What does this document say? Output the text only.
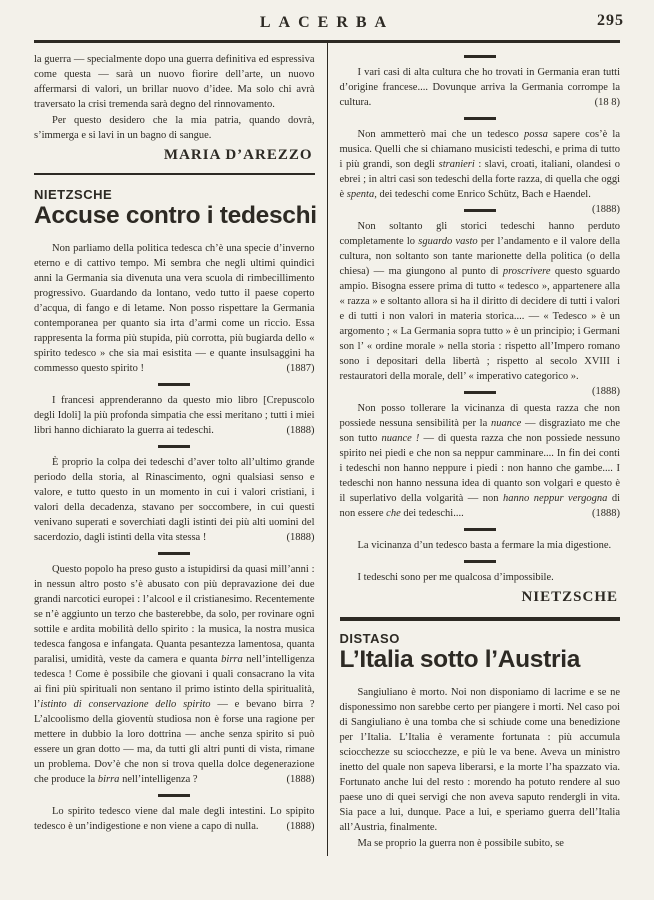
LACERBA	295

la guerra — specialmente dopo una guerra definitiva ed espressiva come questa — sarà un nuovo fiorire dell’arte, un nuovo affermarsi di valori, un brillar nuovo d’idee. Ma solo chi avrà traversato la crisi tremenda sarà degno del rinnovamento.

Per questo desidero che la mia patria, quando dovrà, s’immerga e si lavi in un bagno di sangue.

MARIA D’AREZZO
NIETZSCHE
Accuse contro i tedeschi

Non parliamo della politica tedesca ch’è una specie d’inverno eterno e di cattivo tempo. Mi sembra che negli ultimi quindici anni la Germania sia divenuta una vera scuola di rimbecillimento progressivo. Guardando da lontano, vedo tutto il paese coperto d’acqua, di fango e di letame. Non posso rispettare la Germania contemporanea per quanto sia irta d’armi come un riccio. Essa rappresenta la forma più stupida, più corrotta, più bugiarda dello « spirito tedesco » che sia mai esistita — e quante insulsaggini ha commesso questo spirito !	(1887)

I francesi apprenderanno da questo mio libro [Crepuscolo degli Idoli] la più profonda simpatia che essi meritano ; tutti i miei libri hanno dichiarato la guerra ai tedeschi.	(1888)

È proprio la colpa dei tedeschi d’aver tolto all’ultimo grande periodo della storia, al Rinascimento, ogni qualsiasi senso e valore, e tutto questo in un momento in cui i valori cristiani, i valori della decadenza, stavano per soccombere, in cui questi venivano superati e soverchiati dagli istinti dei più alti uomini del sacerdozio, dagli istinti della vita stessa !	(1888)

Questo popolo ha preso gusto a istupidirsi da quasi mill’anni : in nessun altro posto s’è abusato con più depravazione dei due grandi narcotici europei : l’alcool e il cristianesimo. Recentemente se n’è aggiunto un terzo che basterebbe, da solo, per rovinare ogni sottile e ardita mobilità dello spirito : la musica, la nostra musica tedesca fangosa e infangata. Quanta pesantezza lamentosa, quanta paralisi, umidità, veste da camera e quanta birra nell’intelligenza tedesca ! Come è possibile che giovani i quali consacrano la vita ai fini più spirituali non sentano il primo istinto della spiritualità, l’istinto di conservazione dello spirito — e bevano birra ? L’alcoolismo della gioventù studiosa non è forse una ragione per mettere in dubbio la loro dottrina — anche senza spirito si può essere un gran dotto — ma, da tutti gli altri punti di vista, rimane un problema. Dov’è che non si trova quella dolce degenerazione che produce la birra nell’intelligenza ?	(1888)

Lo spirito tedesco viene dal male degli intestini. Lo spipito tedesco è un’indigestione e non viene a capo di nulla.	(1888)

I vari casi di alta cultura che ho trovati in Germania eran tutti d’origine francese.... Dovunque arriva la Germania corrompe la cultura.	(18 8)

Non ammetterò mai che un tedesco possa sapere cos’è la musica. Quelli che si chiamano musicisti tedeschi, e prima di tutto i più grandi, son degli stranieri : slavi, croati, italiani, olandesi o ebrei ; in altri casi son tedeschi della forte razza, di quella che oggi è spenta, dei tedeschi come Enrico Schütz, Bach e Haendel.
(1888)

Non soltanto gli storici tedeschi hanno perduto completamente lo sguardo vasto per l’andamento e il valore della cultura, non soltanto son tante marionette della politica (o della chiesa) — ma giungono al punto di proscrivere questo sguardo ampio. Bisogna essere prima di tutto « tedesco », appartenere alla « razza » e soltanto allora si ha il diritto di decidere di tutti i valori e di tutti i non valori in materia storica.... — « Tedesco » è un argomento ; « La Germania sopra tutto » è un principio; i Germani son l’ « ordine morale » nella storia : rispetto all’Impero romano sono i depositari della libertà ; rispetto al secolo XVIII i restauratori della morale, dell’ « imperativo categorico ».
(1888)

Non posso tollerare la vicinanza di questa razza che non possiede nessuna sensibilità per la nuance — disgraziato me che son tutto nuance ! — di questa razza che non possiede nessuno spirito nei piedi e che non sa neppur camminare.... In fin dei conti i tedeschi non hanno neppure i piedi : non hanno che gambe.... I tedeschi non hanno nessuna idea di quanto son volgari e questo è il superlativo della volgarità — non hanno neppur vergogna di non essere che dei tedeschi....	(1888)

La vicinanza d’un tedesco basta a fermare la mia digestione.

I tedeschi sono per me qualcosa d’impossibile.

NIETZSCHE
DISTASO
L’Italia sotto l’Austria

Sangiuliano è morto. Noi non disponiamo di lacrime e se ne disponessimo non sarebbe certo per piangere i morti. Nel caso poi di Sangiuliano è una tomba che si schiude come una benedizione per l’Italia. L’Italia è veramente fortunata : più accumula sciocchezze su sciocchezze, e più le va bene. Aveva un ministro inetto del quale non sapeva liberarsi, e la morte l’ha spazzato via. Fortunato anche lui del resto : morendo ha potuto rendere al suo paese uno di quei servigi che non aveva saputo rendergli in vita. Sia pace a lui, dunque. Pace a lui, e speriamo guerra dell’Italia all’Austria, finalmente.

Ma se proprio la guerra non è possibile subito, se
